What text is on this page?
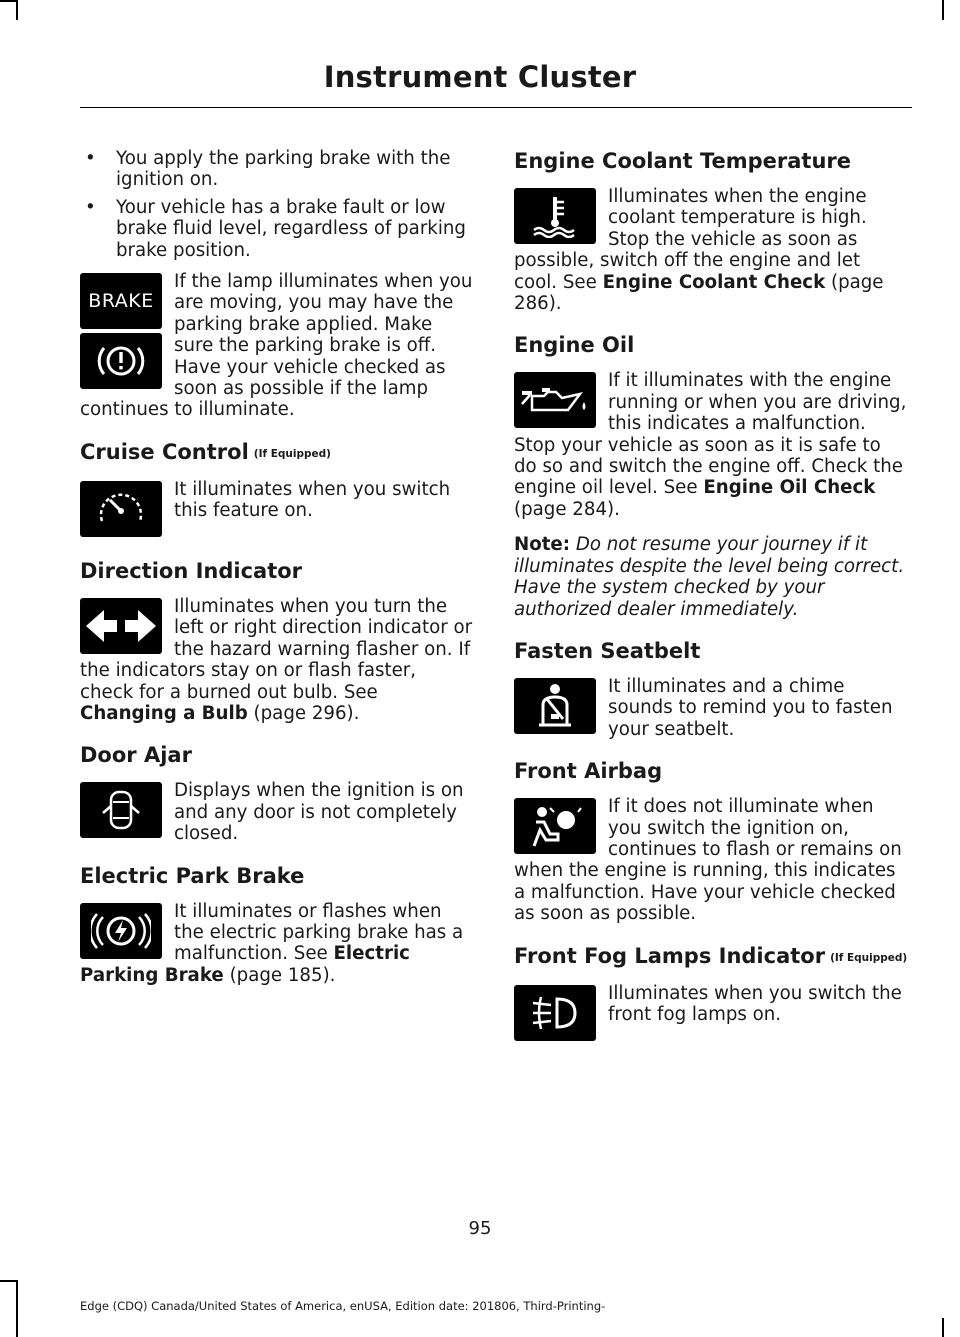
Instrument Cluster
• You apply the parking brake with the ignition on.
• Your vehicle has a brake fault or low brake fluid level, regardless of parking brake position.
BRAKE

If the lamp illuminates when you are moving, you may have the parking brake applied. Make sure the parking brake is off. Have your vehicle checked as soon as possible if the lamp continues to illuminate.

Cruise Control (If Equipped)

It illuminates when you switch this feature on.

Direction Indicator

Illuminates when you turn the left or right direction indicator or the hazard warning flasher on. If the indicators stay on or flash faster, check for a burned out bulb. See Changing a Bulb (page 296).

Door Ajar

Displays when the ignition is on and any door is not completely closed.

Electric Park Brake

It illuminates or flashes when the electric parking brake has a malfunction. See Electric Parking Brake (page 185).

Engine Coolant Temperature

Illuminates when the engine coolant temperature is high. Stop the vehicle as soon as possible, switch off the engine and let cool. See Engine Coolant Check (page 286).

Engine Oil

If it illuminates with the engine running or when you are driving, this indicates a malfunction. Stop your vehicle as soon as it is safe to do so and switch the engine off. Check the engine oil level. See Engine Oil Check (page 284).

Note: Do not resume your journey if it illuminates despite the level being correct. Have the system checked by your authorized dealer immediately.

Fasten Seatbelt

It illuminates and a chime sounds to remind you to fasten your seatbelt.

Front Airbag

If it does not illuminate when you switch the ignition on, continues to flash or remains on when the engine is running, this indicates a malfunction. Have your vehicle checked as soon as possible.

Front Fog Lamps Indicator (If Equipped)

Illuminates when you switch the front fog lamps on.

95
Edge (CDQ) Canada/United States of America, enUSA, Edition date: 201806, Third-Printing-
